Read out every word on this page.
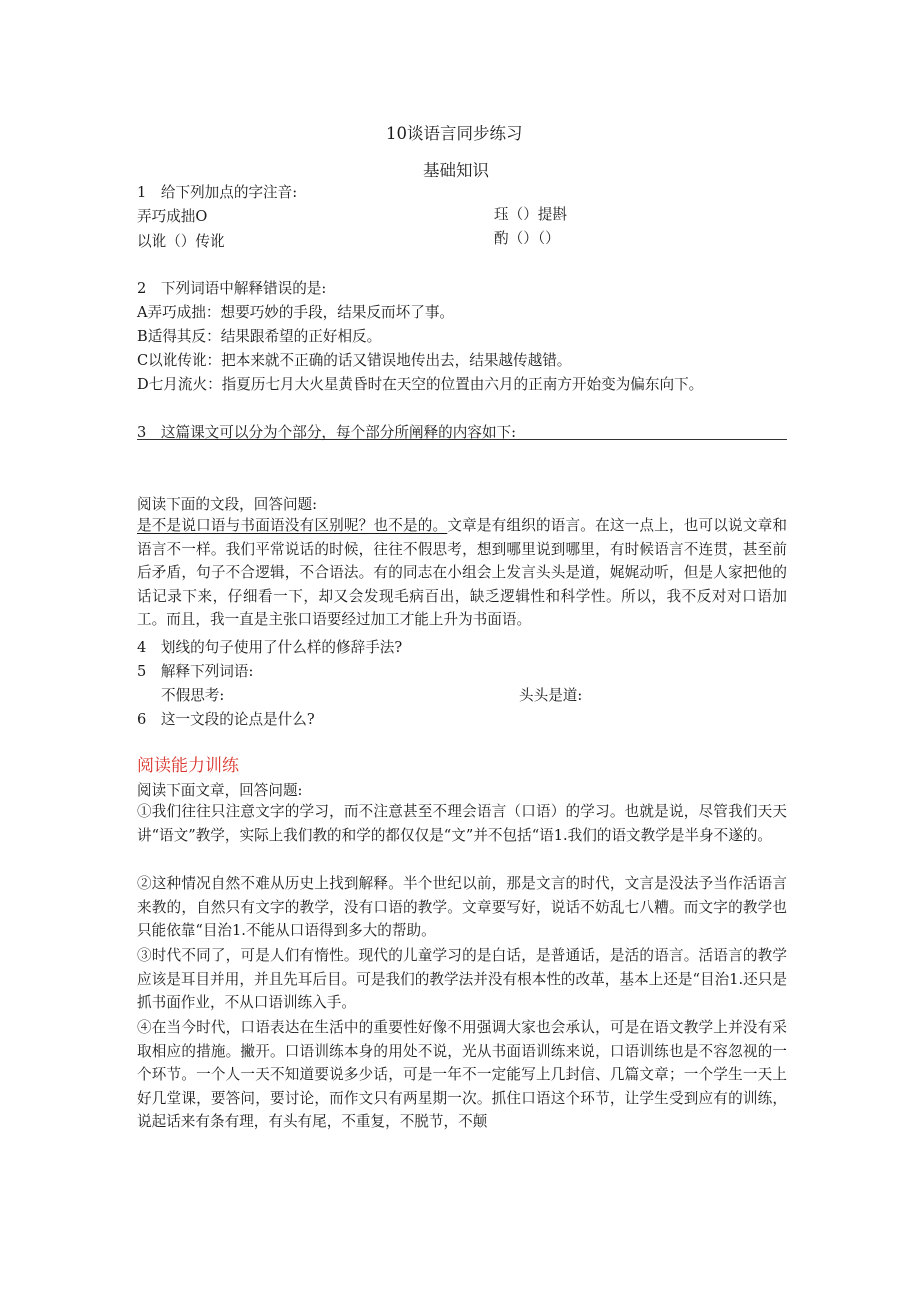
10谈语言同步练习
基础知识
1　给下列加点的字注音:
弄巧成拙O	珏（）提斟
以讹（）传讹	酌（）（）
2　下列词语中解释错误的是:
A弄巧成拙：想要巧妙的手段，结果反而坏了事。
B适得其反：结果跟希望的正好相反。
C以讹传讹：把本来就不正确的话又错误地传出去，结果越传越错。
D七月流火：指夏历七月大火星黄昏时在天空的位置由六月的正南方开始变为偏东向下。
3　这篇课文可以分为个部分，每个部分所阐释的内容如下:
阅读下面的文段，回答问题:
是不是说口语与书面语没有区别呢？也不是的。文章是有组织的语言。在这一点上，也可以说文章和语言不一样。我们平常说话的时候，往往不假思考，想到哪里说到哪里，有时候语言不连贯，甚至前后矛盾，句子不合逻辑，不合语法。有的同志在小组会上发言头头是道，娓娓动听，但是人家把他的话记录下来，仔细看一下，却又会发现毛病百出，缺乏逻辑性和科学性。所以，我不反对对口语加工。而且，我一直是主张口语要经过加工才能上升为书面语。
4　划线的句子使用了什么样的修辞手法?
5　解释下列词语:
不假思考:	头头是道:
6　这一文段的论点是什么?
阅读能力训练
阅读下面文章，回答问题:
①我们往往只注意文字的学习，而不注意甚至不理会语言（口语）的学习。也就是说，尽管我们天天讲“语文”教学，实际上我们教的和学的都仅仅是“文”并不包括“语1.我们的语文教学是半身不遂的。
②这种情况自然不难从历史上找到解释。半个世纪以前，那是文言的时代，文言是没法予当作活语言来教的，自然只有文字的教学，没有口语的教学。文章要写好，说话不妨乱七八糟。而文字的教学也只能依靠“目治1.不能从口语得到多大的帮助。
③时代不同了，可是人们有惰性。现代的儿童学习的是白话，是普通话，是活的语言。活语言的教学应该是耳目并用，并且先耳后目。可是我们的教学法并没有根本性的改革，基本上还是“目治1.还只是抓书面作业，不从口语训练入手。
④在当今时代，口语表达在生活中的重要性好像不用强调大家也会承认，可是在语文教学上并没有采取相应的措施。撇开。口语训练本身的用处不说，光从书面语训练来说，口语训练也是不容忽视的一个环节。一个人一天不知道要说多少话，可是一年不一定能写上几封信、几篇文章；一个学生一天上好几堂课，要答问，要讨论，而作文只有两星期一次。抓住口语这个环节，让学生受到应有的训练，说起话来有条有理，有头有尾，不重复，不脱节，不颠
